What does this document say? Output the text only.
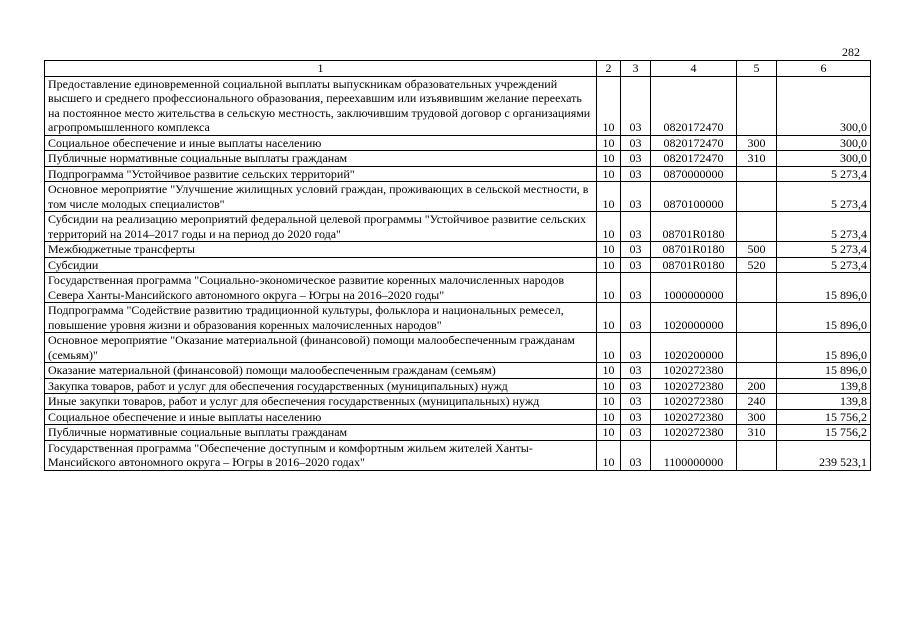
282
1	2	3	4	5	6
Предоставление единовременной социальной выплаты выпускникам образовательных учреждений высшего и среднего профессионального образования, переехавшим или изъявившим желание переехать на постоянное место жительства в сельскую местность, заключившим трудовой договор с организациями агропромышленного комплекса	10	03	0820172470		300,0
Социальное обеспечение и иные выплаты населению	10	03	0820172470	300	300,0
Публичные нормативные социальные выплаты гражданам	10	03	0820172470	310	300,0
Подпрограмма "Устойчивое развитие сельских территорий"	10	03	0870000000		5 273,4
Основное мероприятие "Улучшение жилищных условий граждан, проживающих в сельской местности, в том числе молодых специалистов"	10	03	0870100000		5 273,4
Субсидии на реализацию мероприятий федеральной целевой программы "Устойчивое развитие сельских территорий на 2014–2017 годы и на период до 2020 года"	10	03	08701R0180		5 273,4
Межбюджетные трансферты	10	03	08701R0180	500	5 273,4
Субсидии	10	03	08701R0180	520	5 273,4
Государственная программа "Социально-экономическое развитие коренных малочисленных народов Севера Ханты-Мансийского автономного округа – Югры на 2016–2020 годы"	10	03	1000000000		15 896,0
Подпрограмма "Содействие развитию традиционной культуры, фольклора и национальных ремесел, повышение уровня жизни и образования коренных малочисленных народов"	10	03	1020000000		15 896,0
Основное мероприятие "Оказание материальной (финансовой) помощи малообеспеченным гражданам (семьям)"	10	03	1020200000		15 896,0
Оказание материальной (финансовой) помощи малообеспеченным гражданам (семьям)	10	03	1020272380		15 896,0
Закупка товаров, работ и услуг для обеспечения государственных (муниципальных) нужд	10	03	1020272380	200	139,8
Иные закупки товаров, работ и услуг для обеспечения государственных (муниципальных) нужд	10	03	1020272380	240	139,8
Социальное обеспечение и иные выплаты населению	10	03	1020272380	300	15 756,2
Публичные нормативные социальные выплаты гражданам	10	03	1020272380	310	15 756,2
Государственная программа "Обеспечение доступным и комфортным жильем жителей Ханты-Мансийского автономного округа – Югры в 2016–2020 годах"	10	03	1100000000		239 523,1
